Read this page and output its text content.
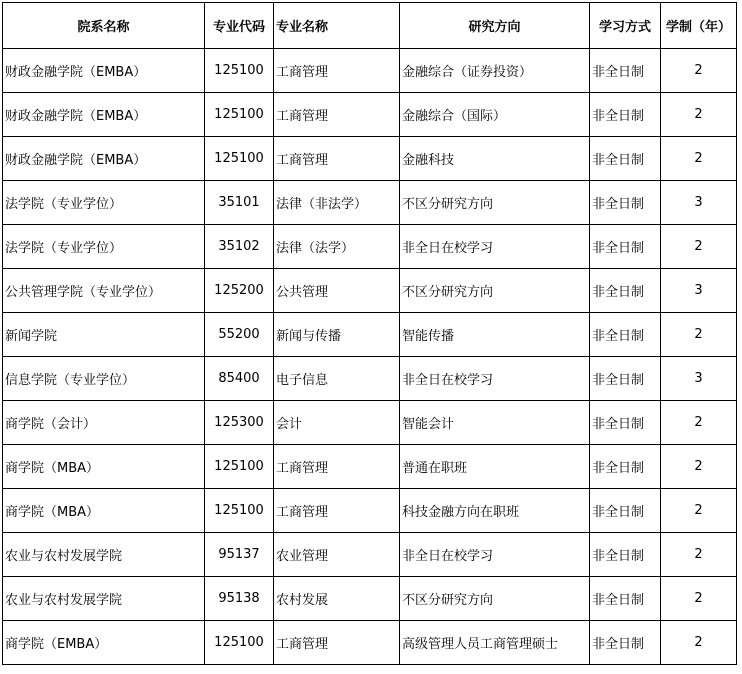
院系名称	专业代码	专业名称	研究方向	学习方式	学制（年）
财政金融学院（EMBA）	125100	工商管理	金融综合（证券投资）	非全日制	2
财政金融学院（EMBA）	125100	工商管理	金融综合（国际）	非全日制	2
财政金融学院（EMBA）	125100	工商管理	金融科技	非全日制	2
法学院（专业学位）	35101	法律（非法学）	不区分研究方向	非全日制	3
法学院（专业学位）	35102	法律（法学）	非全日在校学习	非全日制	2
公共管理学院（专业学位）	125200	公共管理	不区分研究方向	非全日制	3
新闻学院	55200	新闻与传播	智能传播	非全日制	2
信息学院（专业学位）	85400	电子信息	非全日在校学习	非全日制	3
商学院（会计）	125300	会计	智能会计	非全日制	2
商学院（MBA）	125100	工商管理	普通在职班	非全日制	2
商学院（MBA）	125100	工商管理	科技金融方向在职班	非全日制	2
农业与农村发展学院	95137	农业管理	非全日在校学习	非全日制	2
农业与农村发展学院	95138	农村发展	不区分研究方向	非全日制	2
商学院（EMBA）	125100	工商管理	高级管理人员工商管理硕士	非全日制	2
